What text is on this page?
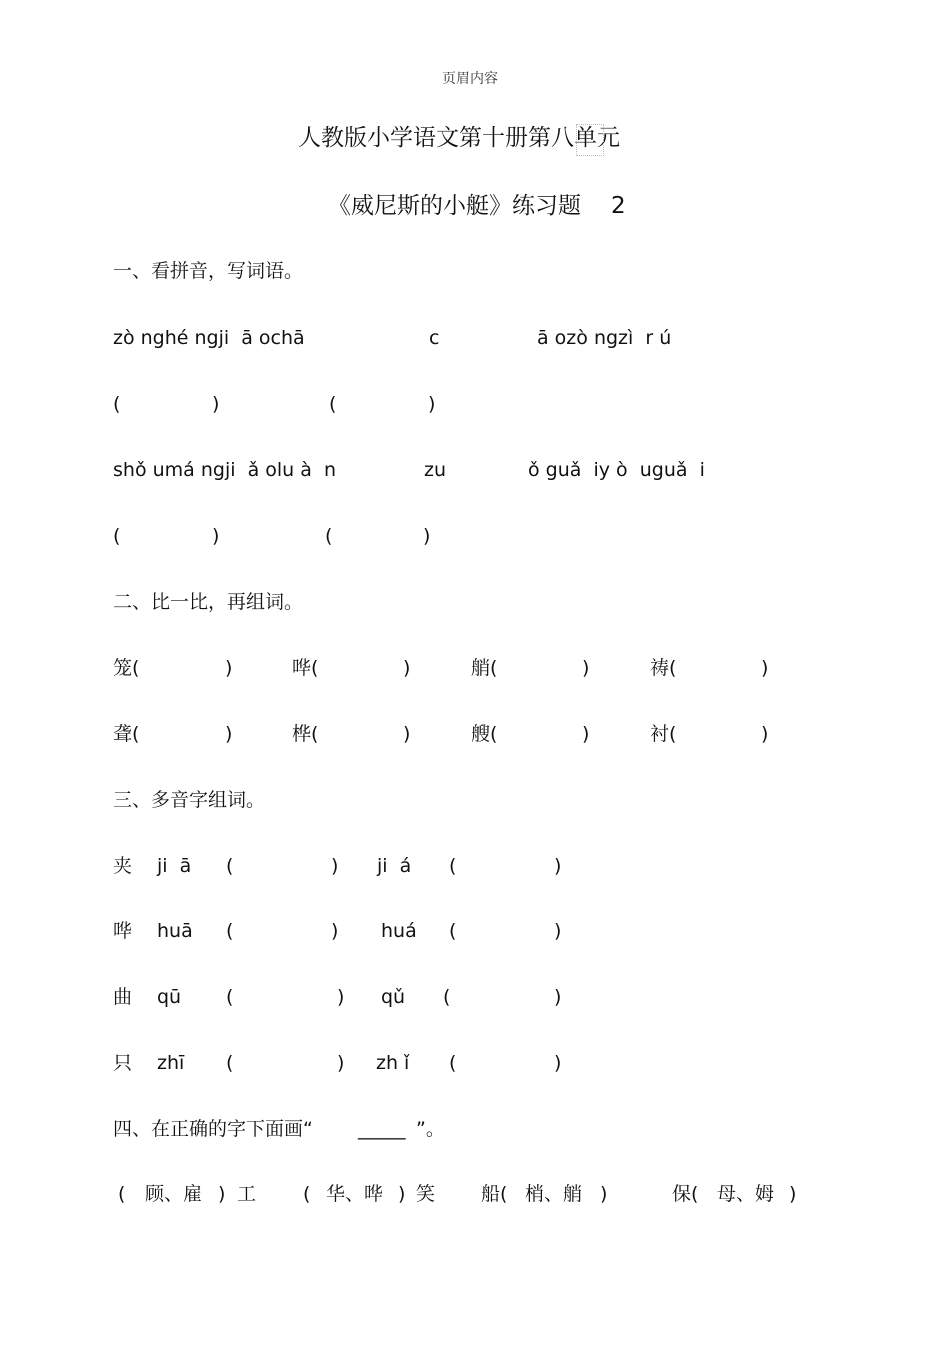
页眉内容
人教版小学语文第十册第八单元
《威尼斯的小艇》练习题 2
一、看拼音，写词语。
zò nghé ngji  ā ochā	c	ā ozò ngzì  r ú
(	)	(	)
shǒ umá ngji  ǎ olu à  n	zu	ǒ guǎ  iy ò  uguǎ  i
(	)	(	)
二、比一比，再组词。
笼(	)	哗(	)	艄(	)	祷(	)
聋(	)	桦(	)	艘(	)	衬(	)
三、多音字组词。
夹 ji  ā (	) ji  á (	)
哗 huā (	) huá (	)
曲 qū (	) qǔ (	)
只 zhī (	) zh ǐ (	)
四、在正确的字下面画“ _____ ”。
( 顾、雇 ) 工 ( 华、哗 ) 笑 船( 梢、艄 )	保( 母、姆 )
